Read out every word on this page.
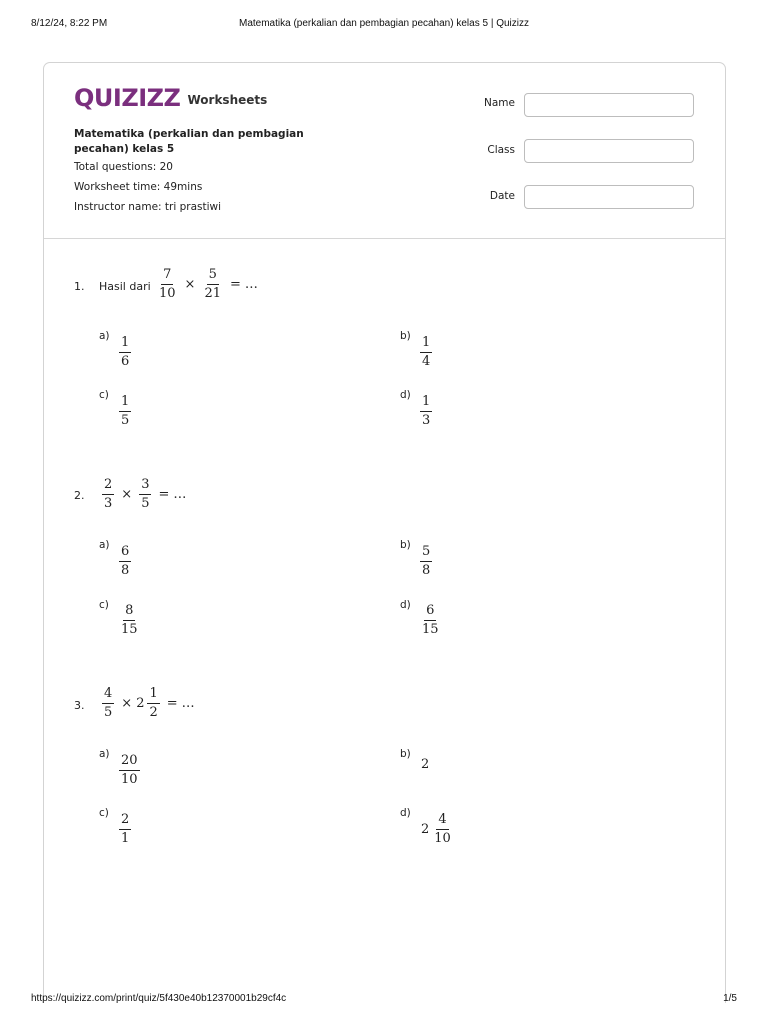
8/12/24, 8:22 PM	Matematika (perkalian dan pembagian pecahan) kelas 5 | Quizizz
QUIZIZZ Worksheets
Matematika (perkalian dan pembagian pecahan) kelas 5
Total questions: 20
Worksheet time: 49mins
Instructor name: tri prastiwi
Name
Class
Date
1. Hasil dari $\frac{7}{10} \times \frac{5}{21}$ = …
$a) \frac{1}{6}$	$b) \frac{1}{4}$
$c) \frac{1}{5}$	$d) \frac{1}{3}$
2. $\frac{2}{3} \times \frac{3}{5}$ = …
$a) \frac{6}{8}$	$b) \frac{5}{8}$
$c) \frac{8}{15}$	$d) \frac{6}{15}$
3. $\frac{4}{5} \times 2 \frac{1}{2}$ = …
$a) \frac{20}{10}$	b)
2
$c) \frac{2}{1}$	d)
$2 \frac{4}{10}$
https://quizizz.com/print/quiz/5f430e40b12370001b29cf4c	1/5
